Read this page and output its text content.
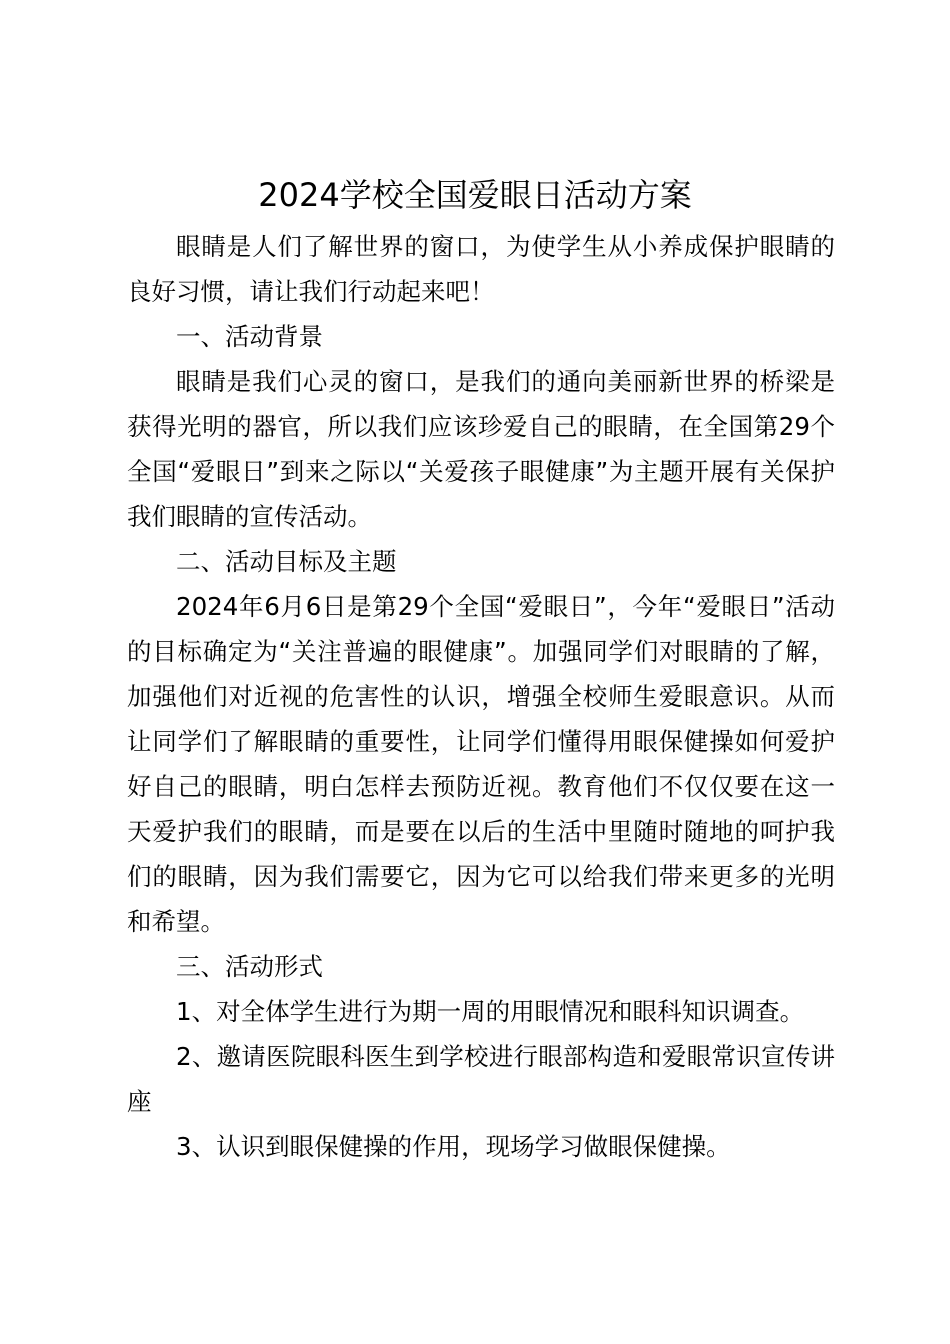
2024学校全国爱眼日活动方案

眼睛是人们了解世界的窗口，为使学生从小养成保护眼睛的良好习惯，请让我们行动起来吧！

一、活动背景

眼睛是我们心灵的窗口，是我们的通向美丽新世界的桥梁是获得光明的器官，所以我们应该珍爱自己的眼睛，在全国第29个全国“爱眼日”到来之际以“关爱孩子眼健康”为主题开展有关保护我们眼睛的宣传活动。

二、活动目标及主题

2024年6月6日是第29个全国“爱眼日”，今年“爱眼日”活动的目标确定为“关注普遍的眼健康”。加强同学们对眼睛的了解，加强他们对近视的危害性的认识，增强全校师生爱眼意识。从而让同学们了解眼睛的重要性，让同学们懂得用眼保健操如何爱护好自己的眼睛，明白怎样去预防近视。教育他们不仅仅要在这一天爱护我们的眼睛，而是要在以后的生活中里随时随地的呵护我们的眼睛，因为我们需要它，因为它可以给我们带来更多的光明和希望。

三、活动形式

1、对全体学生进行为期一周的用眼情况和眼科知识调查。

2、邀请医院眼科医生到学校进行眼部构造和爱眼常识宣传讲座

3、认识到眼保健操的作用，现场学习做眼保健操。
